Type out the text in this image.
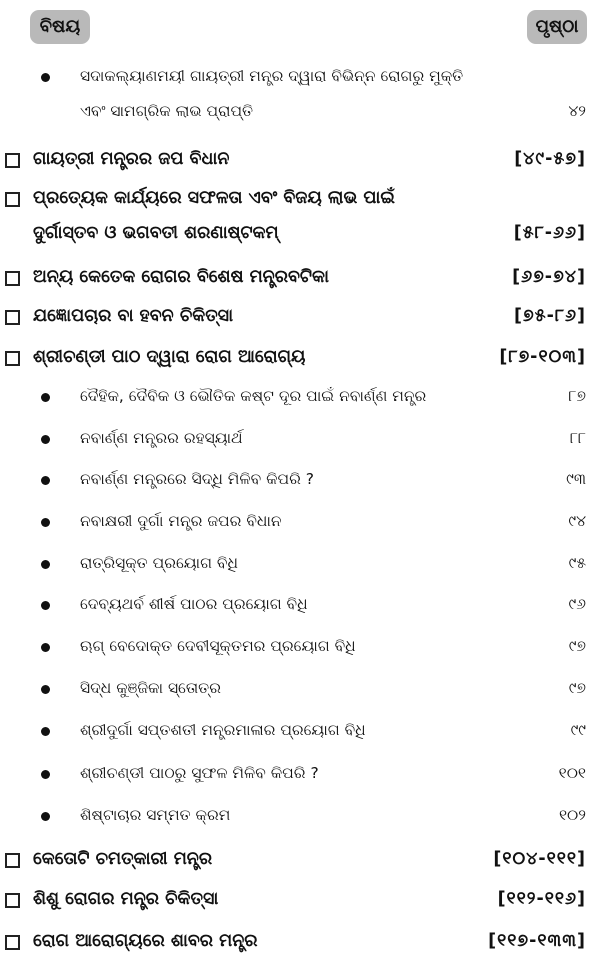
ବିଷୟ	ପୃଷ୍ଠା
ସଦାକଲ୍ୟାଣମୟୀ ଗାୟତ୍ରୀ ମନ୍ତ୍ର ଦ୍ୱାରା ବିଭିନ୍ନ ରୋଗରୁ ମୁକ୍ତି
ଏବଂ ସାମଗ୍ରିକ ଲାଭ ପ୍ରାପ୍ତି	୪୨
ଗାୟତ୍ରୀ ମନ୍ତ୍ରର ଜପ ବିଧାନ	[୪୯-୫୭]
ପ୍ରତ୍ୟେକ କାର୍ଯ୍ୟରେ ସଫଳତା ଏବଂ ବିଜୟ ଲାଭ ପାଇଁ
ଦୁର୍ଗାସ୍ତବ ଓ ଭଗବତୀ ଶରଣାଷ୍ଟକମ୍	[୫୮-୬୬]
ଅନ୍ୟ କେତେକ ରୋଗର ବିଶେଷ ମନ୍ତ୍ରବଟିକା	[୬୭-୭୪]
ଯଜ୍ଞୋପଚାର ବା ହବନ ଚିକିତ୍ସା	[୭୫-୮୬]
ଶ୍ରୀଚଣ୍ଡୀ ପାଠ ଦ୍ୱାରା ରୋଗ ଆରୋଗ୍ୟ	[୮୭-୧୦୩]
ଦୈହିକ, ଦୈବିକ ଓ ଭୌତିକ କଷ୍ଟ ଦୂର ପାଇଁ ନବାର୍ଣ୍ଣ ମନ୍ତ୍ର	୮୭
ନବାର୍ଣ୍ଣ ମନ୍ତ୍ରର ରହସ୍ୟାର୍ଥ	୮୮
ନବାର୍ଣ୍ଣ ମନ୍ତ୍ରରେ ସିଦ୍ଧି ମିଳିବ କିପରି ?	୯୩
ନବାକ୍ଷରୀ ଦୁର୍ଗା ମନ୍ତ୍ର ଜପର ବିଧାନ	୯୪
ରାତ୍ରିସୂକ୍ତ ପ୍ରୟୋଗ ବିଧି	୯୫
ଦେବ୍ୟଥର୍ବ ଶୀର୍ଷ ପାଠର ପ୍ରୟୋଗ ବିଧି	୯୬
ଋଗ୍ ବେଦୋକ୍ତ ଦେବୀସୂକ୍ତମର ପ୍ରୟୋଗ ବିଧି	୯୭
ସିଦ୍ଧ କୁଞ୍ଜିକା ସ୍ତୋତ୍ର	୯୭
ଶ୍ରୀଦୁର୍ଗା ସପ୍ତଶତୀ ମନ୍ତ୍ରମାଳାର ପ୍ରୟୋଗ ବିଧି	୯୯
ଶ୍ରୀଚଣ୍ଡୀ ପାଠରୁ ସୁଫଳ ମିଳିବ କିପରି ?	୧୦୧
ଶିଷ୍ଟାଚାର ସମ୍ମତ କ୍ରମ	୧୦୨
କେତୋଟି ଚମତ୍କାରୀ ମନ୍ତ୍ର	[୧୦୪-୧୧୧]
ଶିଶୁ ରୋଗର ମନ୍ତ୍ର ଚିକିତ୍ସା	[୧୧୨-୧୧୬]
ରୋଗ ଆରୋଗ୍ୟରେ ଶାବର ମନ୍ତ୍ର	[୧୧୭-୧୩୩]
